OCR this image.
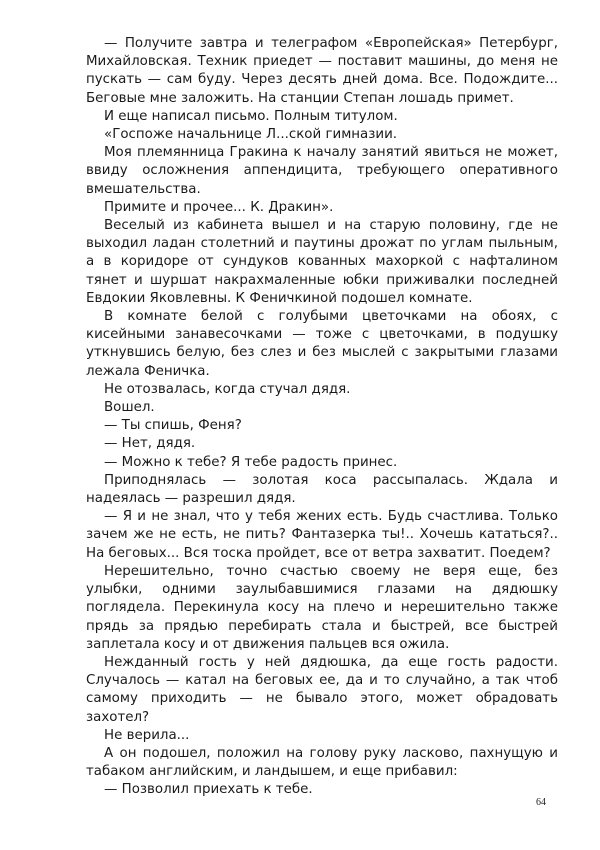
— Получите завтра и телеграфом «Европейская» Петербург, Михайловская. Техник приедет — поставит машины, до меня не пускать — сам буду. Через десять дней дома. Все. Подождите... Беговые мне заложить. На станции Степан лошадь примет.

И еще написал письмо. Полным титулом.

«Госпоже начальнице Л...ской гимназии.

Моя племянница Гракина к началу занятий явиться не может, ввиду осложнения аппендицита, требующего оперативного вмешательства.

Примите и прочее... К. Дракин».

Веселый из кабинета вышел и на старую половину, где не выходил ладан столетний и паутины дрожат по углам пыльным, а в коридоре от сундуков кованных махоркой с нафталином тянет и шуршат накрахмаленные юбки приживалки последней Евдокии Яковлевны. К Феничкиной подошел комнате.

В комнате белой с голубыми цветочками на обоях, с кисейными занавесочками — тоже с цветочками, в подушку уткнувшись белую, без слез и без мыслей с закрытыми глазами лежала Феничка.

Не отозвалась, когда стучал дядя.

Вошел.

— Ты спишь, Феня?

— Нет, дядя.

— Можно к тебе? Я тебе радость принес.

Приподнялась — золотая коса рассыпалась. Ждала и надеялась — разрешил дядя.

— Я и не знал, что у тебя жених есть. Будь счастлива. Только зачем же не есть, не пить? Фантазерка ты!.. Хочешь кататься?.. На беговых... Вся тоска пройдет, все от ветра захватит. Поедем?

Нерешительно, точно счастью своему не веря еще, без улыбки, одними заулыбавшимися глазами на дядюшку поглядела. Перекинула косу на плечо и нерешительно также прядь за прядью перебирать стала и быстрей, все быстрей заплетала косу и от движения пальцев вся ожила.

Нежданный гость у ней дядюшка, да еще гость радости. Случалось — катал на беговых ее, да и то случайно, а так чтоб самому приходить — не бывало этого, может обрадовать захотел?

Не верила...

А он подошел, положил на голову руку ласково, пахнущую и табаком английским, и ландышем, и еще прибавил:

— Позволил приехать к тебе.

64
